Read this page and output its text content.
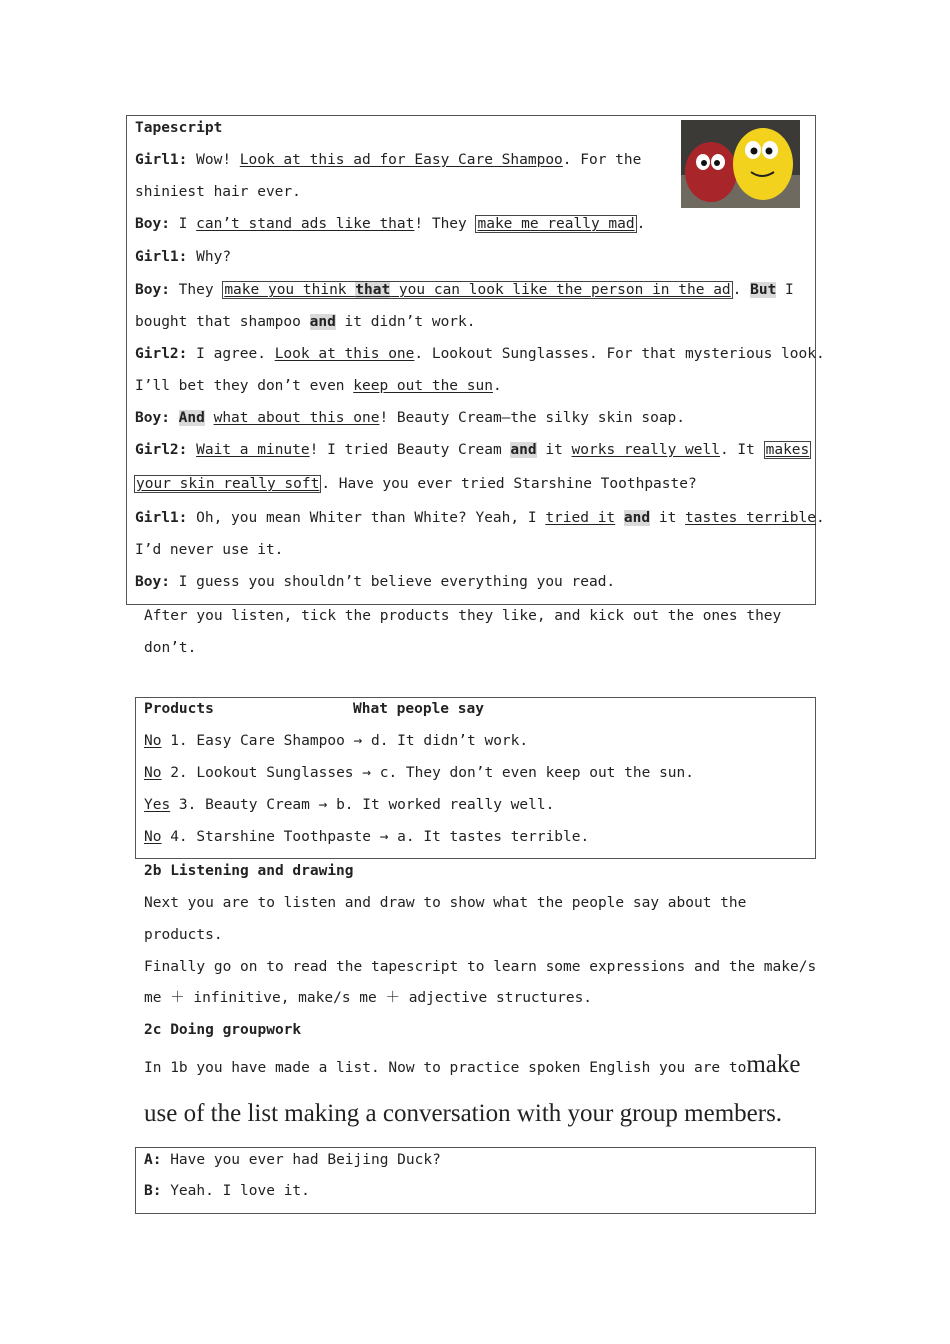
Tapescript
Girl1: Wow! Look at this ad for Easy Care Shampoo. For the
shiniest hair ever.
Boy: I can’t stand ads like that! They make me really mad .
Girl1: Why?
Boy: They make you think that you can look like the person in the ad . But I
bought that shampoo and it didn’t work.
Girl2: I agree. Look at this one. Lookout Sunglasses. For that mysterious look.
I’ll bet they don’t even keep out the sun.
Boy: And what about this one! Beauty Cream—the silky skin soap.
Girl2: Wait a minute! I tried Beauty Cream and it works really well. It makes
your skin really soft . Have you ever tried Starshine Toothpaste?
Girl1: Oh, you mean Whiter than White? Yeah, I tried it and it tastes terrible.
I’d never use it.
Boy: I guess you shouldn’t believe everything you read.
After you listen, tick the products they like, and kick out the ones they
don’t.
Products	What people say
No 1. Easy Care Shampoo → d. It didn’t work.
No 2. Lookout Sunglasses → c. They don’t even keep out the sun.
Yes 3. Beauty Cream → b. It worked really well.
No 4. Starshine Toothpaste → a. It tastes terrible.
2b Listening and drawing
Next you are to listen and draw to show what the people say about the
products.
Finally go on to read the tapescript to learn some expressions and the make/s
me ＋ infinitive, make/s me ＋ adjective structures.
2c Doing groupwork
In 1b you have made a list. Now to practice spoken English you are tomake
use of the list making a conversation with your group members.
A: Have you ever had Beijing Duck?
B: Yeah. I love it.
